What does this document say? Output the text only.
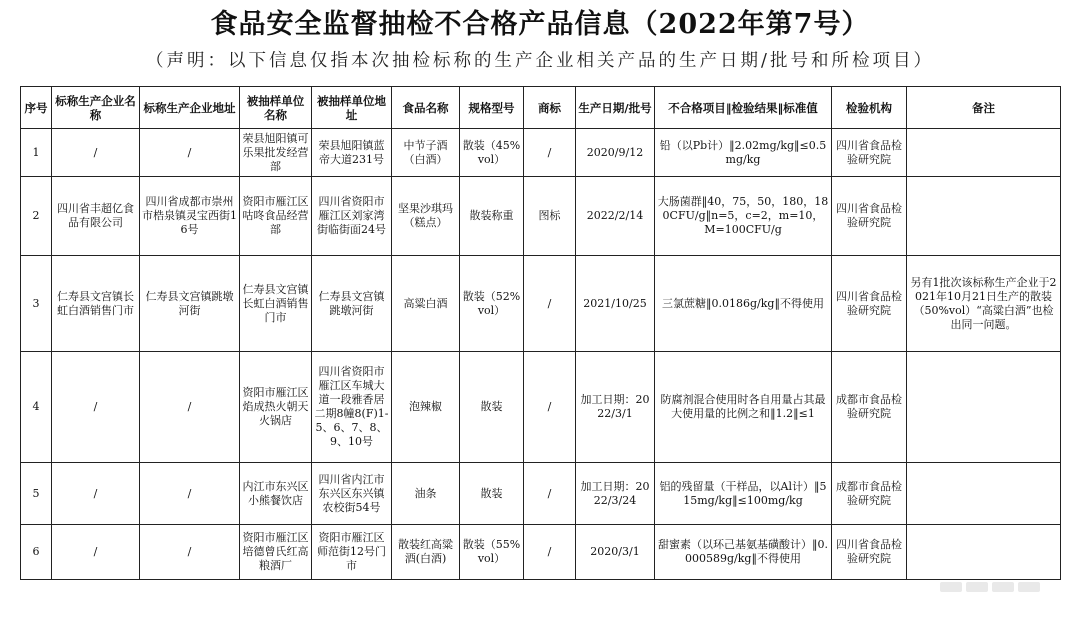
食品安全监督抽检不合格产品信息（2022年第7号）
（声明：以下信息仅指本次抽检标称的生产企业相关产品的生产日期/批号和所检项目）
序号	标称生产企业名称	标称生产企业地址	被抽样单位名称	被抽样单位地址	食品名称	规格型号	商标	生产日期/批号	不合格项目‖检验结果‖标准值	检验机构	备注
1	/	/	荣县旭阳镇可乐果批发经营部	荣县旭阳镇蓝帝大道231号	中节子酒（白酒）	散装（45%vol）	/	2020/9/12	铅（以Pb计）‖2.02mg/kg‖≤0.5mg/kg	四川省食品检验研究院	
2	四川省丰超亿食品有限公司	四川省成都市崇州市梏泉镇灵宝西街16号	资阳市雁江区咕咚食品经营部	四川省资阳市雁江区刘家湾街临街面24号	坚果沙琪玛（糕点）	散装称重	图标	2022/2/14	大肠菌群‖40，75，50，180，180CFU/g‖n=5，c=2，m=10，M=100CFU/g	四川省食品检验研究院	
3	仁寿县文宫镇长虹白酒销售门市	仁寿县文宫镇跳墩河街	仁寿县文宫镇长虹白酒销售门市	仁寿县文宫镇跳墩河街	高粱白酒	散装（52%vol）	/	2021/10/25	三氯蔗糖‖0.0186g/kg‖不得使用	四川省食品检验研究院	另有1批次该标称生产企业于2021年10月21日生产的散装（50%vol）“高粱白酒”也检出同一问题。
4	/	/	资阳市雁江区焰成热火朝天火锅店	四川省资阳市雁江区车城大道一段雅香居二期8幢8(F)1-5、6、7、8、9、10号	泡辣椒	散装	/	加工日期：2022/3/1	防腐剂混合使用时各自用量占其最大使用量的比例之和‖1.2‖≤1	成都市食品检验研究院	
5	/	/	内江市东兴区小熊餐饮店	四川省内江市东兴区东兴镇农校街54号	油条	散装	/	加工日期：2022/3/24	铝的残留量（干样品，以Al计）‖515mg/kg‖≤100mg/kg	成都市食品检验研究院	
6	/	/	资阳市雁江区培德曾氏红高粮酒厂	资阳市雁江区师范街12号门市	散装红高粱酒(白酒)	散装（55%vol）	/	2020/3/1	甜蜜素（以环己基氨基磺酸计）‖0.000589g/kg‖不得使用	四川省食品检验研究院	
